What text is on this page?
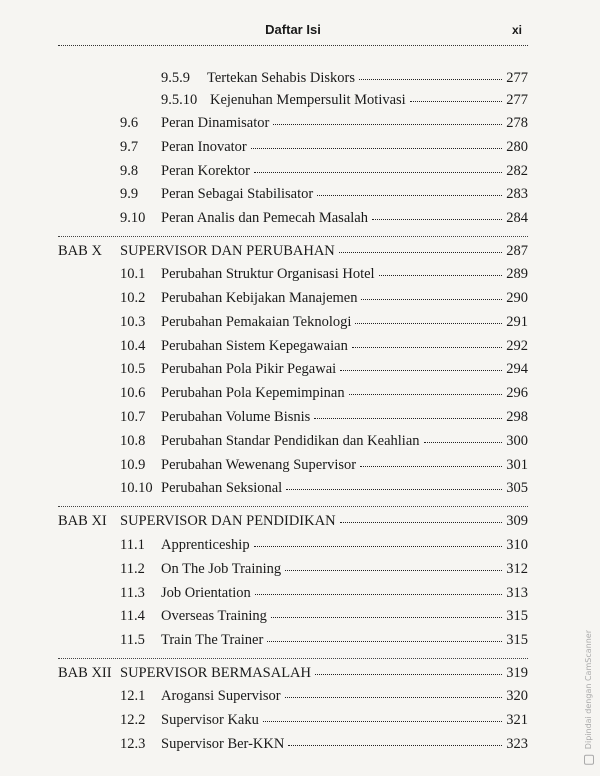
Daftar Isi	xi
9.5.9 Tertekan Sehabis Diskors	277
9.5.10 Kejenuhan Mempersulit Motivasi	277
9.6 Peran Dinamisator	278
9.7 Peran Inovator	280
9.8 Peran Korektor	282
9.9 Peran Sebagai Stabilisator	283
9.10 Peran Analis dan Pemecah Masalah	284
BAB X SUPERVISOR DAN PERUBAHAN	287
10.1 Perubahan Struktur Organisasi Hotel	289
10.2 Perubahan Kebijakan Manajemen	290
10.3 Perubahan Pemakaian Teknologi	291
10.4 Perubahan Sistem Kepegawaian	292
10.5 Perubahan Pola Pikir Pegawai	294
10.6 Perubahan Pola Kepemimpinan	296
10.7 Perubahan Volume Bisnis	298
10.8 Perubahan Standar Pendidikan dan Keahlian	300
10.9 Perubahan Wewenang Supervisor	301
10.10 Perubahan Seksional	305
BAB XI SUPERVISOR DAN PENDIDIKAN	309
11.1 Apprenticeship	310
11.2 On The Job Training	312
11.3 Job Orientation	313
11.4 Overseas Training	315
11.5 Train The Trainer	315
BAB XII SUPERVISOR BERMASALAH	319
12.1 Arogansi Supervisor	320
12.2 Supervisor Kaku	321
12.3 Supervisor Ber-KKN	323	Dipindai dengan CamScanner
